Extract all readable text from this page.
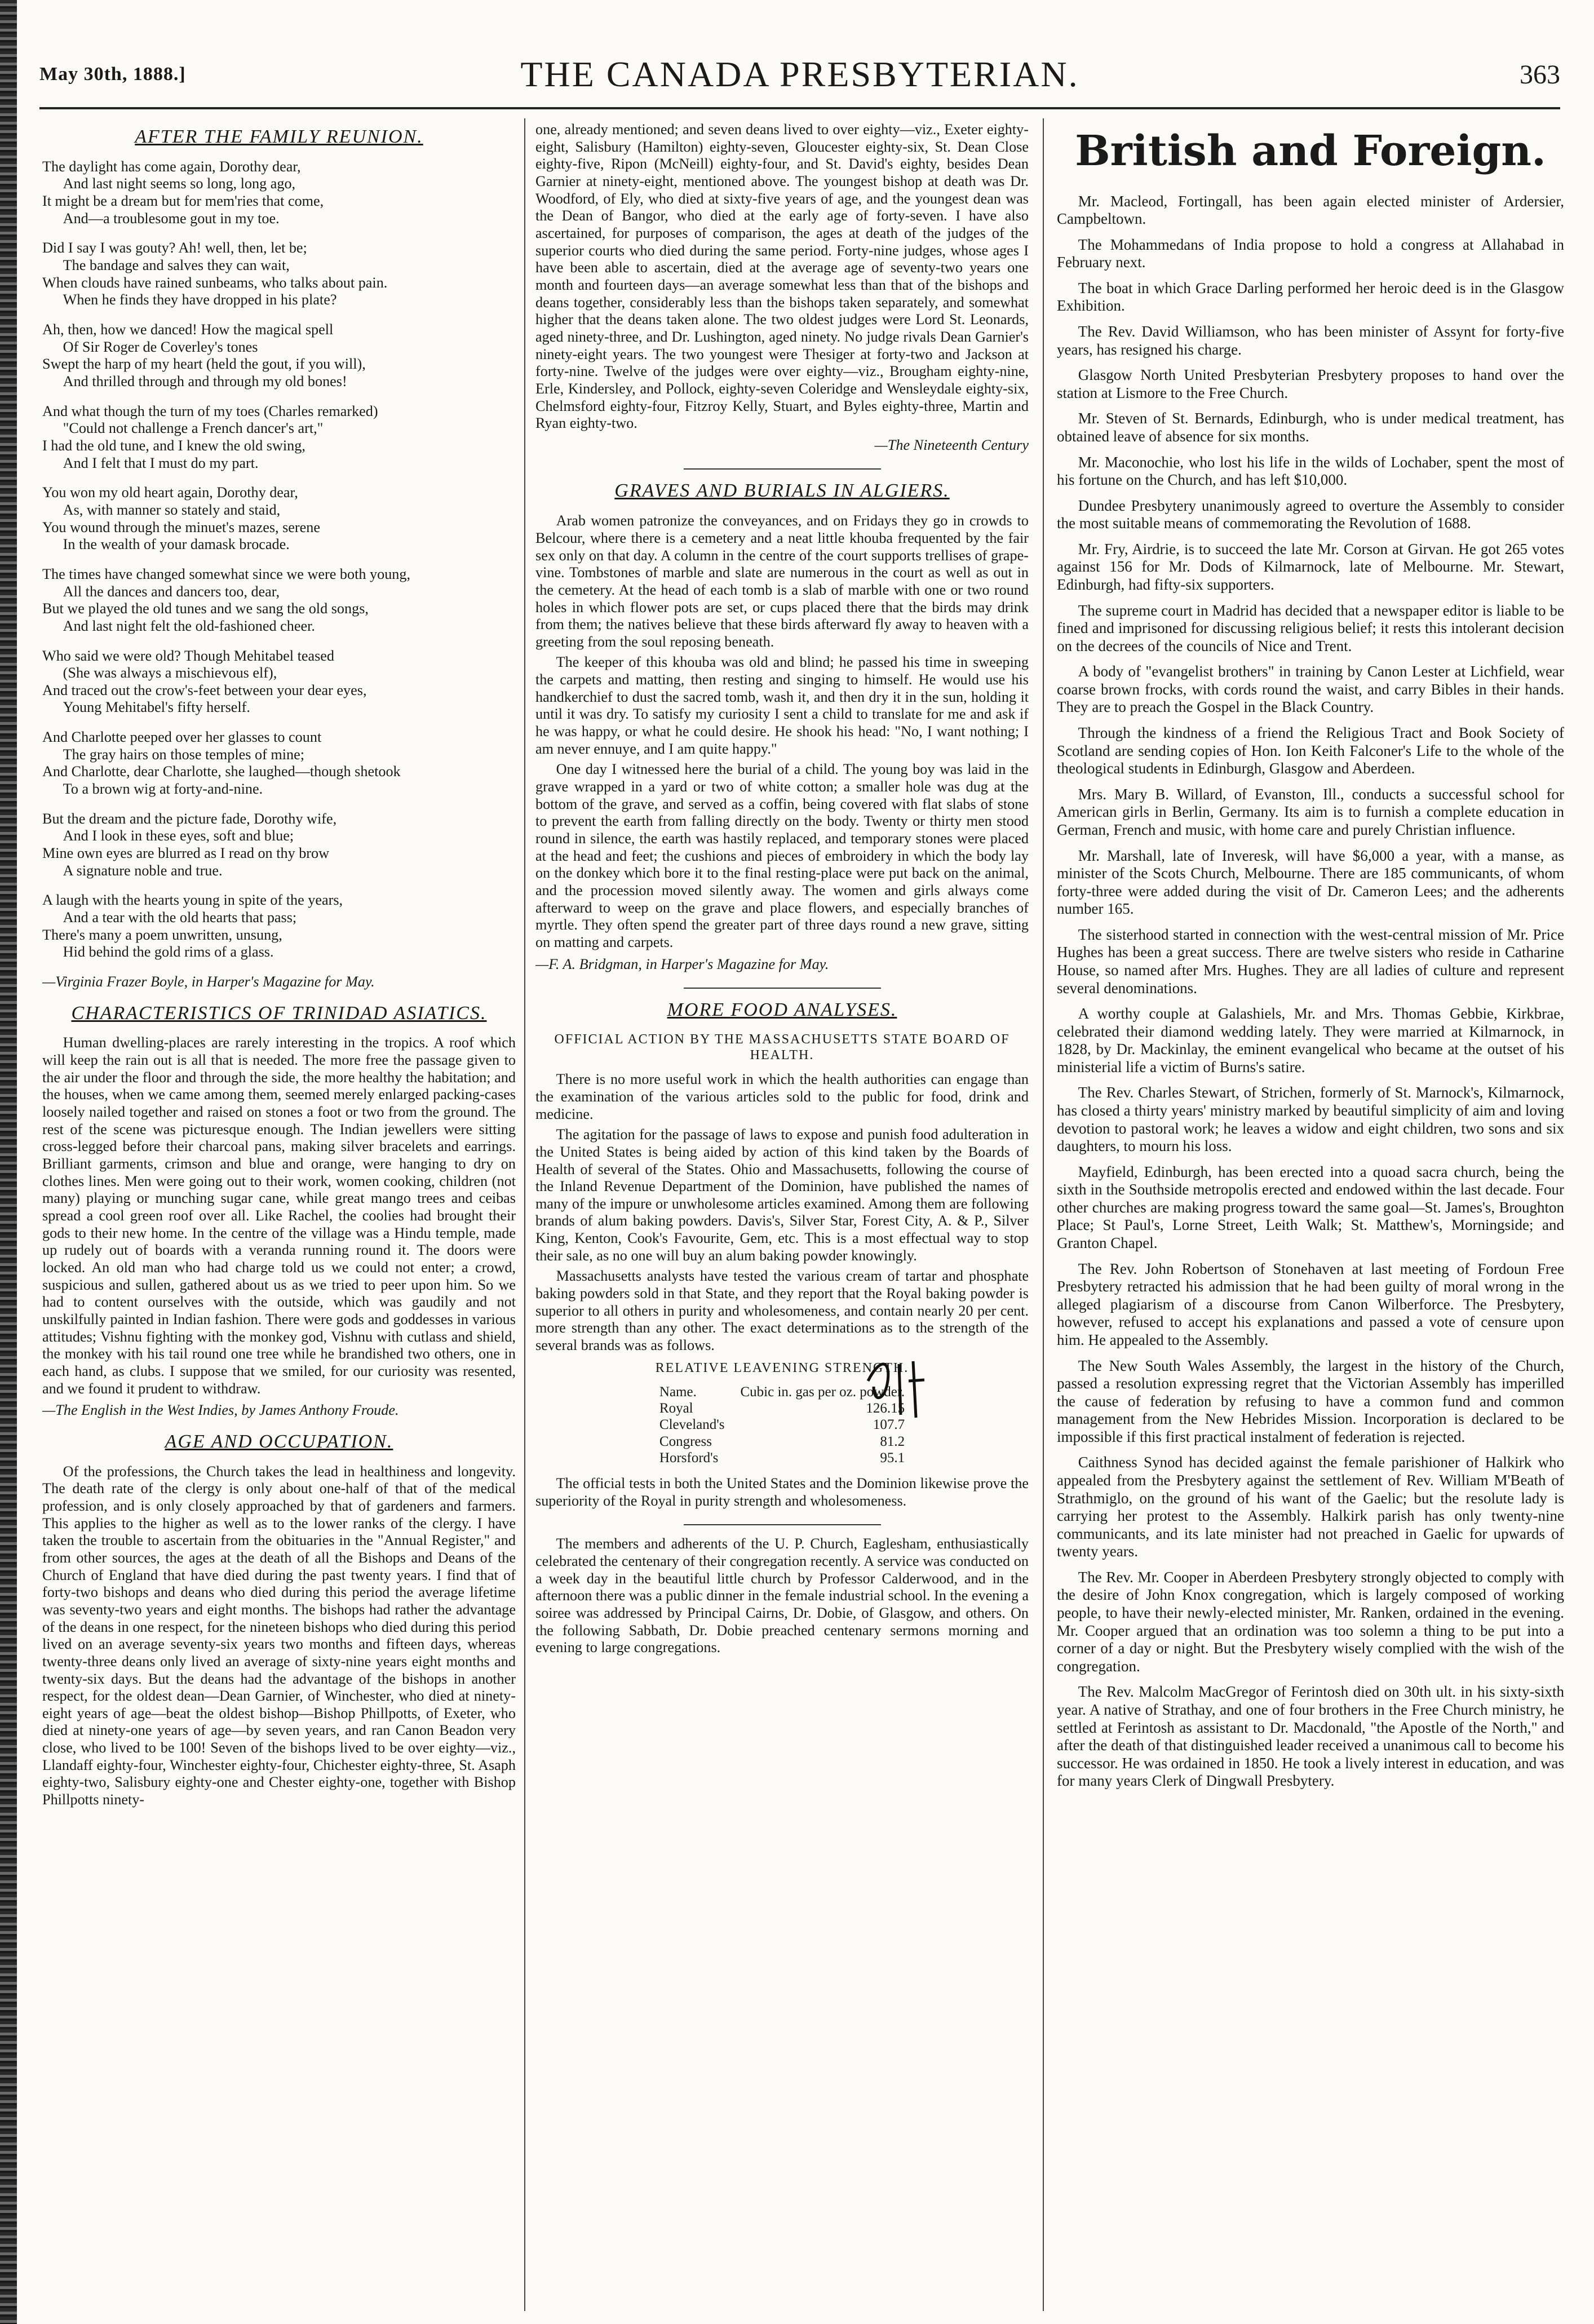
May 30th, 1888.]	THE CANADA PRESBYTERIAN.	363
AFTER THE FAMILY REUNION.
The daylight has come again, Dorothy dear,
And last night seems so long, long ago,
It might be a dream but for mem'ries that come,
And—a troublesome gout in my toe.
Did I say I was gouty? Ah! well, then, let be;
The bandage and salves they can wait,
When clouds have rained sunbeams, who talks about pain.
When he finds they have dropped in his plate?
Ah, then, how we danced! How the magical spell
Of Sir Roger de Coverley's tones
Swept the harp of my heart (held the gout, if you will),
And thrilled through and through my old bones!
And what though the turn of my toes (Charles remarked)
"Could not challenge a French dancer's art,"
I had the old tune, and I knew the old swing,
And I felt that I must do my part.
You won my old heart again, Dorothy dear,
As, with manner so stately and staid,
You wound through the minuet's mazes, serene
In the wealth of your damask brocade.
The times have changed somewhat since we were both young,
All the dances and dancers too, dear,
But we played the old tunes and we sang the old songs,
And last night felt the old-fashioned cheer.
Who said we were old? Though Mehitabel teased
(She was always a mischievous elf),
And traced out the crow's-feet between your dear eyes,
Young Mehitabel's fifty herself.
And Charlotte peeped over her glasses to count
The gray hairs on those temples of mine;
And Charlotte, dear Charlotte, she laughed—though shetook
To a brown wig at forty-and-nine.
But the dream and the picture fade, Dorothy wife,
And I look in these eyes, soft and blue;
Mine own eyes are blurred as I read on thy brow
A signature noble and true.
A laugh with the hearts young in spite of the years,
And a tear with the old hearts that pass;
There's many a poem unwritten, unsung,
Hid behind the gold rims of a glass.
—Virginia Frazer Boyle, in Harper's Magazine for May.
CHARACTERISTICS OF TRINIDAD ASIATICS.

Human dwelling-places are rarely interesting in the tropics. A roof which will keep the rain out is all that is needed. The more free the passage given to the air under the floor and through the side, the more healthy the habitation; and the houses, when we came among them, seemed merely enlarged packing-cases loosely nailed together and raised on stones a foot or two from the ground. The rest of the scene was picturesque enough. The Indian jewellers were sitting cross-legged before their charcoal pans, making silver bracelets and earrings. Brilliant garments, crimson and blue and orange, were hanging to dry on clothes lines. Men were going out to their work, women cooking, children (not many) playing or munching sugar cane, while great mango trees and ceibas spread a cool green roof over all. Like Rachel, the coolies had brought their gods to their new home. In the centre of the village was a Hindu temple, made up rudely out of boards with a veranda running round it. The doors were locked. An old man who had charge told us we could not enter; a crowd, suspicious and sullen, gathered about us as we tried to peer upon him. So we had to content ourselves with the outside, which was gaudily and not unskilfully painted in Indian fashion. There were gods and goddesses in various attitudes; Vishnu fighting with the monkey god, Vishnu with cutlass and shield, the monkey with his tail round one tree while he brandished two others, one in each hand, as clubs. I suppose that we smiled, for our curiosity was resented, and we found it prudent to withdraw.

—The English in the West Indies, by James Anthony Froude.
AGE AND OCCUPATION.

Of the professions, the Church takes the lead in healthiness and longevity. The death rate of the clergy is only about one-half of that of the medical profession, and is only closely approached by that of gardeners and farmers. This applies to the higher as well as to the lower ranks of the clergy. I have taken the trouble to ascertain from the obituaries in the "Annual Register," and from other sources, the ages at the death of all the Bishops and Deans of the Church of England that have died during the past twenty years. I find that of forty-two bishops and deans who died during this period the average lifetime was seventy-two years and eight months. The bishops had rather the advantage of the deans in one respect, for the nineteen bishops who died during this period lived on an average seventy-six years two months and fifteen days, whereas twenty-three deans only lived an average of sixty-nine years eight months and twenty-six days. But the deans had the advantage of the bishops in another respect, for the oldest dean—Dean Garnier, of Winchester, who died at ninety-eight years of age—beat the oldest bishop—Bishop Phillpotts, of Exeter, who died at ninety-one years of age—by seven years, and ran Canon Beadon very close, who lived to be 100! Seven of the bishops lived to be over eighty—viz., Llandaff eighty-four, Winchester eighty-four, Chichester eighty-three, St. Asaph eighty-two, Salisbury eighty-one and Chester eighty-one, together with Bishop Phillpotts ninety-

one, already mentioned; and seven deans lived to over eighty—viz., Exeter eighty-eight, Salisbury (Hamilton) eighty-seven, Gloucester eighty-six, St. Dean Close eighty-five, Ripon (McNeill) eighty-four, and St. David's eighty, besides Dean Garnier at ninety-eight, mentioned above. The youngest bishop at death was Dr. Woodford, of Ely, who died at sixty-five years of age, and the youngest dean was the Dean of Bangor, who died at the early age of forty-seven. I have also ascertained, for purposes of comparison, the ages at death of the judges of the superior courts who died during the same period. Forty-nine judges, whose ages I have been able to ascertain, died at the average age of seventy-two years one month and fourteen days—an average somewhat less than that of the bishops and deans together, considerably less than the bishops taken separately, and somewhat higher that the deans taken alone. The two oldest judges were Lord St. Leonards, aged ninety-three, and Dr. Lushington, aged ninety. No judge rivals Dean Garnier's ninety-eight years. The two youngest were Thesiger at forty-two and Jackson at forty-nine. Twelve of the judges were over eighty—viz., Brougham eighty-nine, Erle, Kindersley, and Pollock, eighty-seven Coleridge and Wensleydale eighty-six, Chelmsford eighty-four, Fitzroy Kelly, Stuart, and Byles eighty-three, Martin and Ryan eighty-two.

—The Nineteenth Century
GRAVES AND BURIALS IN ALGIERS.

Arab women patronize the conveyances, and on Fridays they go in crowds to Belcour, where there is a cemetery and a neat little khouba frequented by the fair sex only on that day. A column in the centre of the court supports trellises of grape-vine. Tombstones of marble and slate are numerous in the court as well as out in the cemetery. At the head of each tomb is a slab of marble with one or two round holes in which flower pots are set, or cups placed there that the birds may drink from them; the natives believe that these birds afterward fly away to heaven with a greeting from the soul reposing beneath.

The keeper of this khouba was old and blind; he passed his time in sweeping the carpets and matting, then resting and singing to himself. He would use his handkerchief to dust the sacred tomb, wash it, and then dry it in the sun, holding it until it was dry. To satisfy my curiosity I sent a child to translate for me and ask if he was happy, or what he could desire. He shook his head: "No, I want nothing; I am never ennuye, and I am quite happy."

One day I witnessed here the burial of a child. The young boy was laid in the grave wrapped in a yard or two of white cotton; a smaller hole was dug at the bottom of the grave, and served as a coffin, being covered with flat slabs of stone to prevent the earth from falling directly on the body. Twenty or thirty men stood round in silence, the earth was hastily replaced, and temporary stones were placed at the head and feet; the cushions and pieces of embroidery in which the body lay on the donkey which bore it to the final resting-place were put back on the animal, and the procession moved silently away. The women and girls always come afterward to weep on the grave and place flowers, and especially branches of myrtle. They often spend the greater part of three days round a new grave, sitting on matting and carpets.

—F. A. Bridgman, in Harper's Magazine for May.
MORE FOOD ANALYSES.
OFFICIAL ACTION BY THE MASSACHUSETTS STATE BOARD OF HEALTH.

There is no more useful work in which the health authorities can engage than the examination of the various articles sold to the public for food, drink and medicine.

The agitation for the passage of laws to expose and punish food adulteration in the United States is being aided by action of this kind taken by the Boards of Health of several of the States. Ohio and Massachusetts, following the course of the Inland Revenue Department of the Dominion, have published the names of many of the impure or unwholesome articles examined. Among them are following brands of alum baking powders. Davis's, Silver Star, Forest City, A. & P., Silver King, Kenton, Cook's Favourite, Gem, etc. This is a most effectual way to stop their sale, as no one will buy an alum baking powder knowingly.

Massachusetts analysts have tested the various cream of tartar and phosphate baking powders sold in that State, and they report that the Royal baking powder is superior to all others in purity and wholesomeness, and contain nearly 20 per cent. more strength than any other. The exact determinations as to the strength of the several brands was as follows.

RELATIVE LEAVENING STRENGTH.
Name.	Cubic in. gas per oz. powder.
Royal	126.15
Cleveland's	107.7
Congress	81.2
Horsford's	95.1

The official tests in both the United States and the Dominion likewise prove the superiority of the Royal in purity strength and wholesomeness.

The members and adherents of the U. P. Church, Eaglesham, enthusiastically celebrated the centenary of their congregation recently. A service was conducted on a week day in the beautiful little church by Professor Calderwood, and in the afternoon there was a public dinner in the female industrial school. In the evening a soiree was addressed by Principal Cairns, Dr. Dobie, of Glasgow, and others. On the following Sabbath, Dr. Dobie preached centenary sermons morning and evening to large congregations.

British and Foreign.

Mr. Macleod, Fortingall, has been again elected minister of Ardersier, Campbeltown.

The Mohammedans of India propose to hold a congress at Allahabad in February next.

The boat in which Grace Darling performed her heroic deed is in the Glasgow Exhibition.

The Rev. David Williamson, who has been minister of Assynt for forty-five years, has resigned his charge.

Glasgow North United Presbyterian Presbytery proposes to hand over the station at Lismore to the Free Church.

Mr. Steven of St. Bernards, Edinburgh, who is under medical treatment, has obtained leave of absence for six months.

Mr. Maconochie, who lost his life in the wilds of Lochaber, spent the most of his fortune on the Church, and has left $10,000.

Dundee Presbytery unanimously agreed to overture the Assembly to consider the most suitable means of commemorating the Revolution of 1688.

Mr. Fry, Airdrie, is to succeed the late Mr. Corson at Girvan. He got 265 votes against 156 for Mr. Dods of Kilmarnock, late of Melbourne. Mr. Stewart, Edinburgh, had fifty-six supporters.

The supreme court in Madrid has decided that a newspaper editor is liable to be fined and imprisoned for discussing religious belief; it rests this intolerant decision on the decrees of the councils of Nice and Trent.

A body of "evangelist brothers" in training by Canon Lester at Lichfield, wear coarse brown frocks, with cords round the waist, and carry Bibles in their hands. They are to preach the Gospel in the Black Country.

Through the kindness of a friend the Religious Tract and Book Society of Scotland are sending copies of Hon. Ion Keith Falconer's Life to the whole of the theological students in Edinburgh, Glasgow and Aberdeen.

Mrs. Mary B. Willard, of Evanston, Ill., conducts a successful school for American girls in Berlin, Germany. Its aim is to furnish a complete education in German, French and music, with home care and purely Christian influence.

Mr. Marshall, late of Inveresk, will have $6,000 a year, with a manse, as minister of the Scots Church, Melbourne. There are 185 communicants, of whom forty-three were added during the visit of Dr. Cameron Lees; and the adherents number 165.

The sisterhood started in connection with the west-central mission of Mr. Price Hughes has been a great success. There are twelve sisters who reside in Catharine House, so named after Mrs. Hughes. They are all ladies of culture and represent several denominations.

A worthy couple at Galashiels, Mr. and Mrs. Thomas Gebbie, Kirkbrae, celebrated their diamond wedding lately. They were married at Kilmarnock, in 1828, by Dr. Mackinlay, the eminent evangelical who became at the outset of his ministerial life a victim of Burns's satire.

The Rev. Charles Stewart, of Strichen, formerly of St. Marnock's, Kilmarnock, has closed a thirty years' ministry marked by beautiful simplicity of aim and loving devotion to pastoral work; he leaves a widow and eight children, two sons and six daughters, to mourn his loss.

Mayfield, Edinburgh, has been erected into a quoad sacra church, being the sixth in the Southside metropolis erected and endowed within the last decade. Four other churches are making progress toward the same goal—St. James's, Broughton Place; St Paul's, Lorne Street, Leith Walk; St. Matthew's, Morningside; and Granton Chapel.

The Rev. John Robertson of Stonehaven at last meeting of Fordoun Free Presbytery retracted his admission that he had been guilty of moral wrong in the alleged plagiarism of a discourse from Canon Wilberforce. The Presbytery, however, refused to accept his explanations and passed a vote of censure upon him. He appealed to the Assembly.

The New South Wales Assembly, the largest in the history of the Church, passed a resolution expressing regret that the Victorian Assembly has imperilled the cause of federation by refusing to have a common fund and common management from the New Hebrides Mission. Incorporation is declared to be impossible if this first practical instalment of federation is rejected.

Caithness Synod has decided against the female parishioner of Halkirk who appealed from the Presbytery against the settlement of Rev. William M'Beath of Strathmiglo, on the ground of his want of the Gaelic; but the resolute lady is carrying her protest to the Assembly. Halkirk parish has only twenty-nine communicants, and its late minister had not preached in Gaelic for upwards of twenty years.

The Rev. Mr. Cooper in Aberdeen Presbytery strongly objected to comply with the desire of John Knox congregation, which is largely composed of working people, to have their newly-elected minister, Mr. Ranken, ordained in the evening. Mr. Cooper argued that an ordination was too solemn a thing to be put into a corner of a day or night. But the Presbytery wisely complied with the wish of the congregation.

The Rev. Malcolm MacGregor of Ferintosh died on 30th ult. in his sixty-sixth year. A native of Strathay, and one of four brothers in the Free Church ministry, he settled at Ferintosh as assistant to Dr. Macdonald, "the Apostle of the North," and after the death of that distinguished leader received a unanimous call to become his successor. He was ordained in 1850. He took a lively interest in education, and was for many years Clerk of Dingwall Presbytery.
